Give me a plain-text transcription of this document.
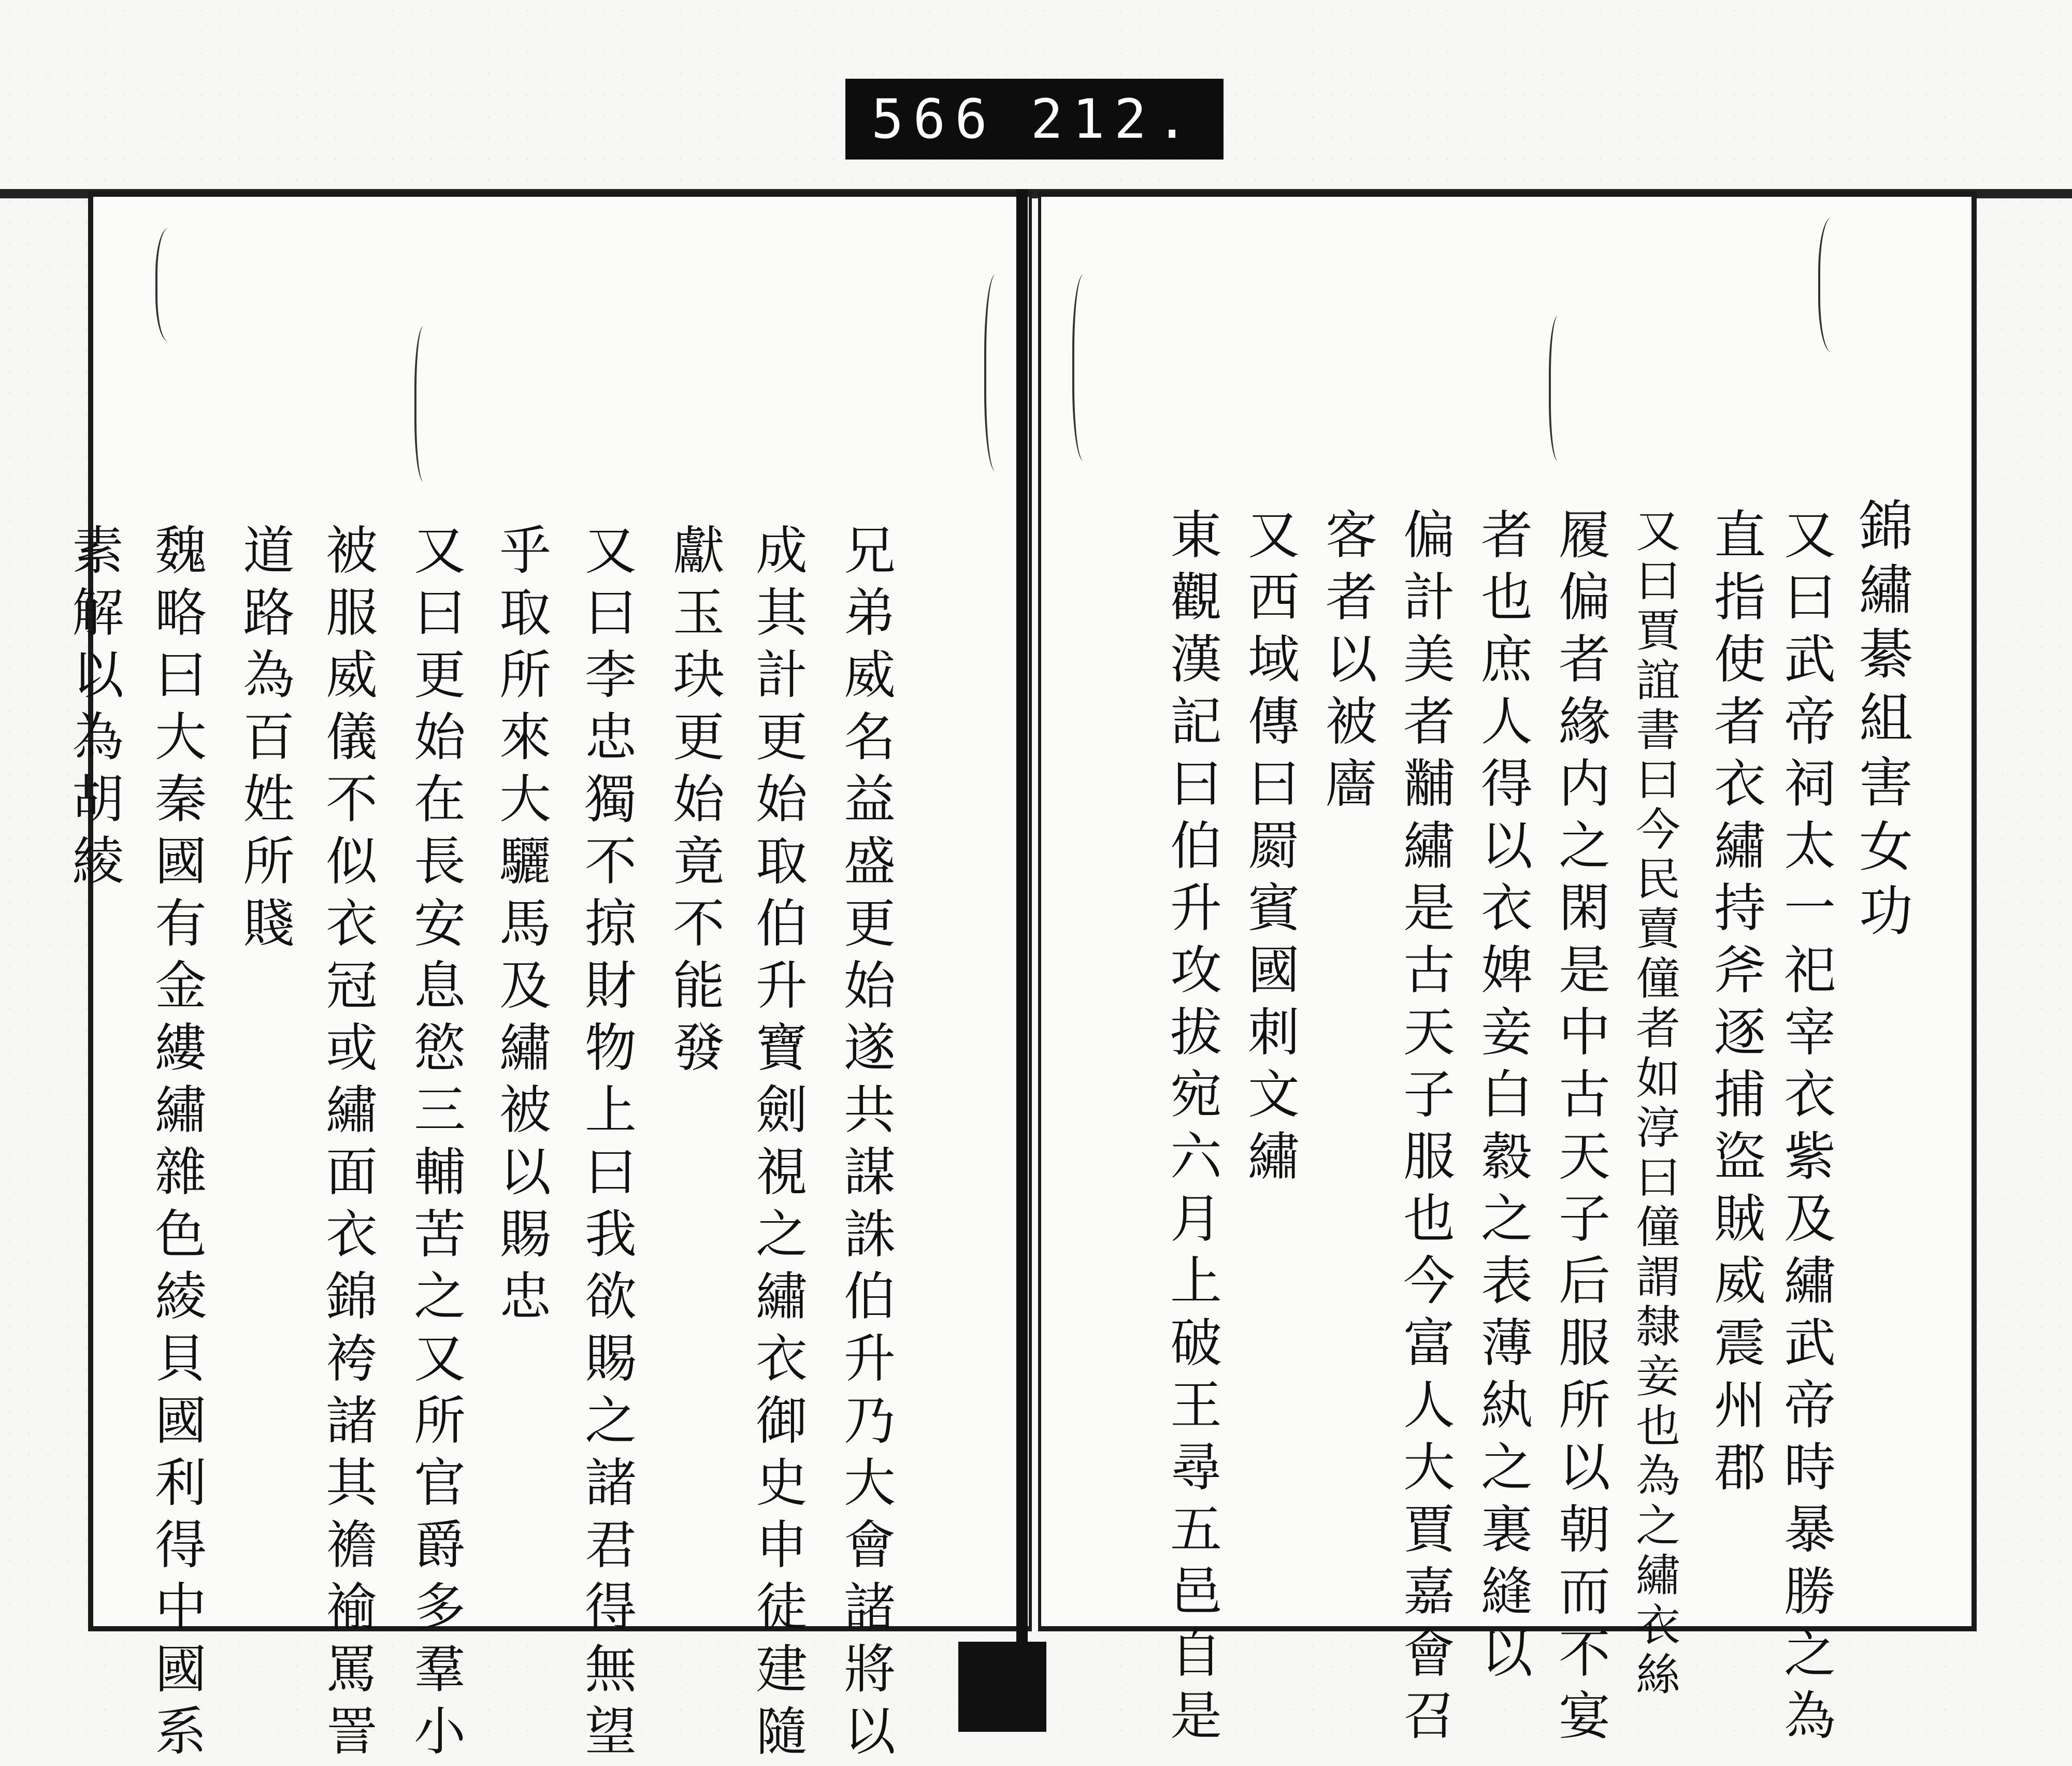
566 212.
兄弟威名益盛更始遂共謀誅伯升乃大會諸將以
成其計更始取伯升寶劍視之繡衣御史申徒建隨
獻玉玦更始竟不能發
又曰李忠獨不掠財物上曰我欲賜之諸君得無望
乎取所來大驪馬及繡被以賜忠
又曰更始在長安息慾三輔苦之又所官爵多羣小
被服威儀不似衣冠或繡面衣錦袴諸其襜褕罵詈
道路為百姓所賤
魏略曰大秦國有金縷繡雜色綾貝國利得中國系
素解以為胡綾	錦繡綦組害女功
又曰武帝祠太一祀宰衣紫及繡武帝時暴勝之為
直指使者衣繡持斧逐捕盜賊威震州郡
又曰賈誼書曰今民賣僮者如淳曰僮謂隸妾也為之繡衣絲
履偏者緣内之閑是中古天子后服所以朝而不宴
者也庶人得以衣婢妾白縠之表薄紈之裏縫以
偏計美者黼繡是古天子服也今富人大賈嘉會召
客者以被廧
又西域傳曰罽賓國刺文繡
東觀漢記曰伯升攻拔宛六月上破王尋五邑自是
